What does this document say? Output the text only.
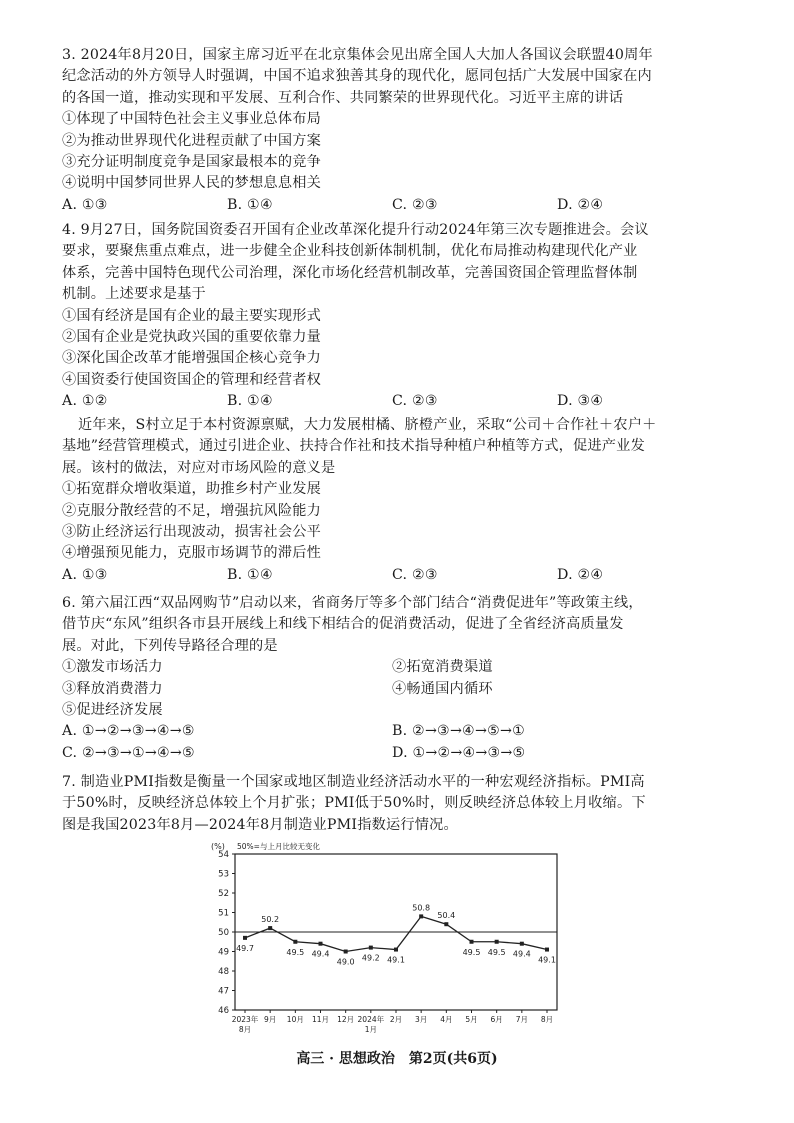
3. 2024年8月20日，国家主席习近平在北京集体会见出席全国人大加人各国议会联盟40周年

纪念活动的外方领导人时强调，中国不追求独善其身的现代化，愿同包括广大发展中国家在内

的各国一道，推动实现和平发展、互利合作、共同繁荣的世界现代化。习近平主席的讲话

①体现了中国特色社会主义事业总体布局
②为推动世界现代化进程贡献了中国方案
③充分证明制度竞争是国家最根本的竞争
④说明中国梦同世界人民的梦想息息相关
A. ①③	B. ①④	C. ②③	D. ②④

4. 9月27日，国务院国资委召开国有企业改革深化提升行动2024年第三次专题推进会。会议

要求，要聚焦重点难点，进一步健全企业科技创新体制机制，优化布局推动构建现代化产业

体系，完善中国特色现代公司治理，深化市场化经营机制改革，完善国资国企管理监督体制

机制。上述要求是基于

①国有经济是国有企业的最主要实现形式
②国有企业是党执政兴国的重要依靠力量
③深化国企改革才能增强国企核心竞争力
④国资委行使国资国企的管理和经营者权
A. ①②	B. ①④	C. ②③	D. ③④

近年来，S村立足于本村资源禀赋，大力发展柑橘、脐橙产业，采取“公司＋合作社＋农户＋

基地”经营管理模式，通过引进企业、扶持合作社和技术指导种植户种植等方式，促进产业发

展。该村的做法，对应对市场风险的意义是

①拓宽群众增收渠道，助推乡村产业发展
②克服分散经营的不足，增强抗风险能力
③防止经济运行出现波动，损害社会公平
④增强预见能力，克服市场调节的滞后性
A. ①③	B. ①④	C. ②③	D. ②④

6. 第六届江西“双品网购节”启动以来，省商务厅等多个部门结合“消费促进年”等政策主线，

借节庆“东风”组织各市县开展线上和线下相结合的促消费活动，促进了全省经济高质量发

展。对此，下列传导路径合理的是

①激发市场活力	②拓宽消费渠道
③释放消费潜力	④畅通国内循环
⑤促进经济发展
A. ①→②→③→④→⑤	B. ②→③→④→⑤→①
C. ②→③→①→④→⑤	D. ①→②→④→③→⑤

7. 制造业PMI指数是衡量一个国家或地区制造业经济活动水平的一种宏观经济指标。PMI高

于50%时，反映经济总体较上个月扩张；PMI低于50%时，则反映经济总体较上月收缩。下

图是我国2023年8月—2024年8月制造业PMI指数运行情况。

46
47
48
49
50
51
52
53
54
(%) 50%=与上月比较无变化
49.7
50.2
49.5 49.4
49.0 49.2 49.1
50.8
50.4
49.5 49.5 49.4
49.1
2023年
8月
9月 10月 11月 12月 2024年
1月
2月 3月 4月 5月 6月 7月 8月
高三 · 思想政治　第2页(共6页)
